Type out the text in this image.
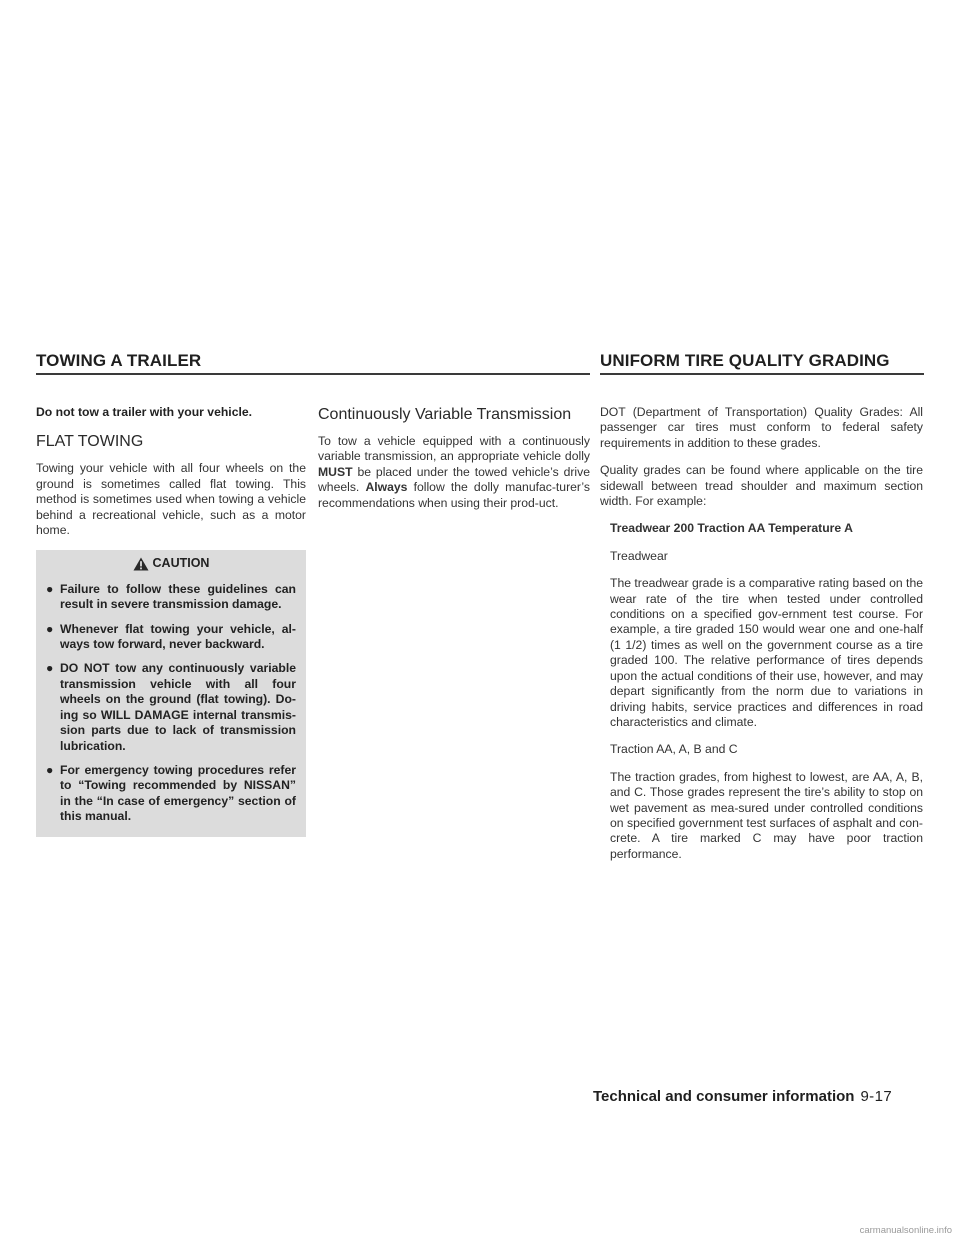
TOWING A TRAILER	UNIFORM TIRE QUALITY GRADING

Do not tow a trailer with your vehicle.

FLAT TOWING

Towing your vehicle with all four wheels on the ground is sometimes called flat towing. This method is sometimes used when towing a vehicle behind a recreational vehicle, such as a motor home.

CAUTION
● Failure to follow these guidelines can result in severe transmission damage.
● Whenever flat towing your vehicle, al-ways tow forward, never backward.
● DO NOT tow any continuously variable transmission vehicle with all four wheels on the ground (flat towing). Do-ing so WILL DAMAGE internal transmis-sion parts due to lack of transmission lubrication.
● For emergency towing procedures refer to “Towing recommended by NISSAN” in the “In case of emergency” section of this manual.
Continuously Variable Transmission

To tow a vehicle equipped with a continuously variable transmission, an appropriate vehicle dolly MUST be placed under the towed vehicle’s drive wheels. Always follow the dolly manufac-turer’s recommendations when using their prod-uct.

DOT (Department of Transportation) Quality Grades: All passenger car tires must conform to federal safety requirements in addition to these grades.

Quality grades can be found where applicable on the tire sidewall between tread shoulder and maximum section width. For example:

Treadwear 200 Traction AA Temperature A

Treadwear

The treadwear grade is a comparative rating based on the wear rate of the tire when tested under controlled conditions on a specified gov-ernment test course. For example, a tire graded 150 would wear one and one-half (1 1/2) times as well on the government course as a tire graded 100. The relative performance of tires depends upon the actual conditions of their use, however, and may depart significantly from the norm due to variations in driving habits, service practices and differences in road characteristics and climate.

Traction AA, A, B and C

The traction grades, from highest to lowest, are AA, A, B, and C. Those grades represent the tire’s ability to stop on wet pavement as mea-sured under controlled conditions on specified government test surfaces of asphalt and con-crete. A tire marked C may have poor traction performance.

Technical and consumer information 9-17
carmanualsonline.info
